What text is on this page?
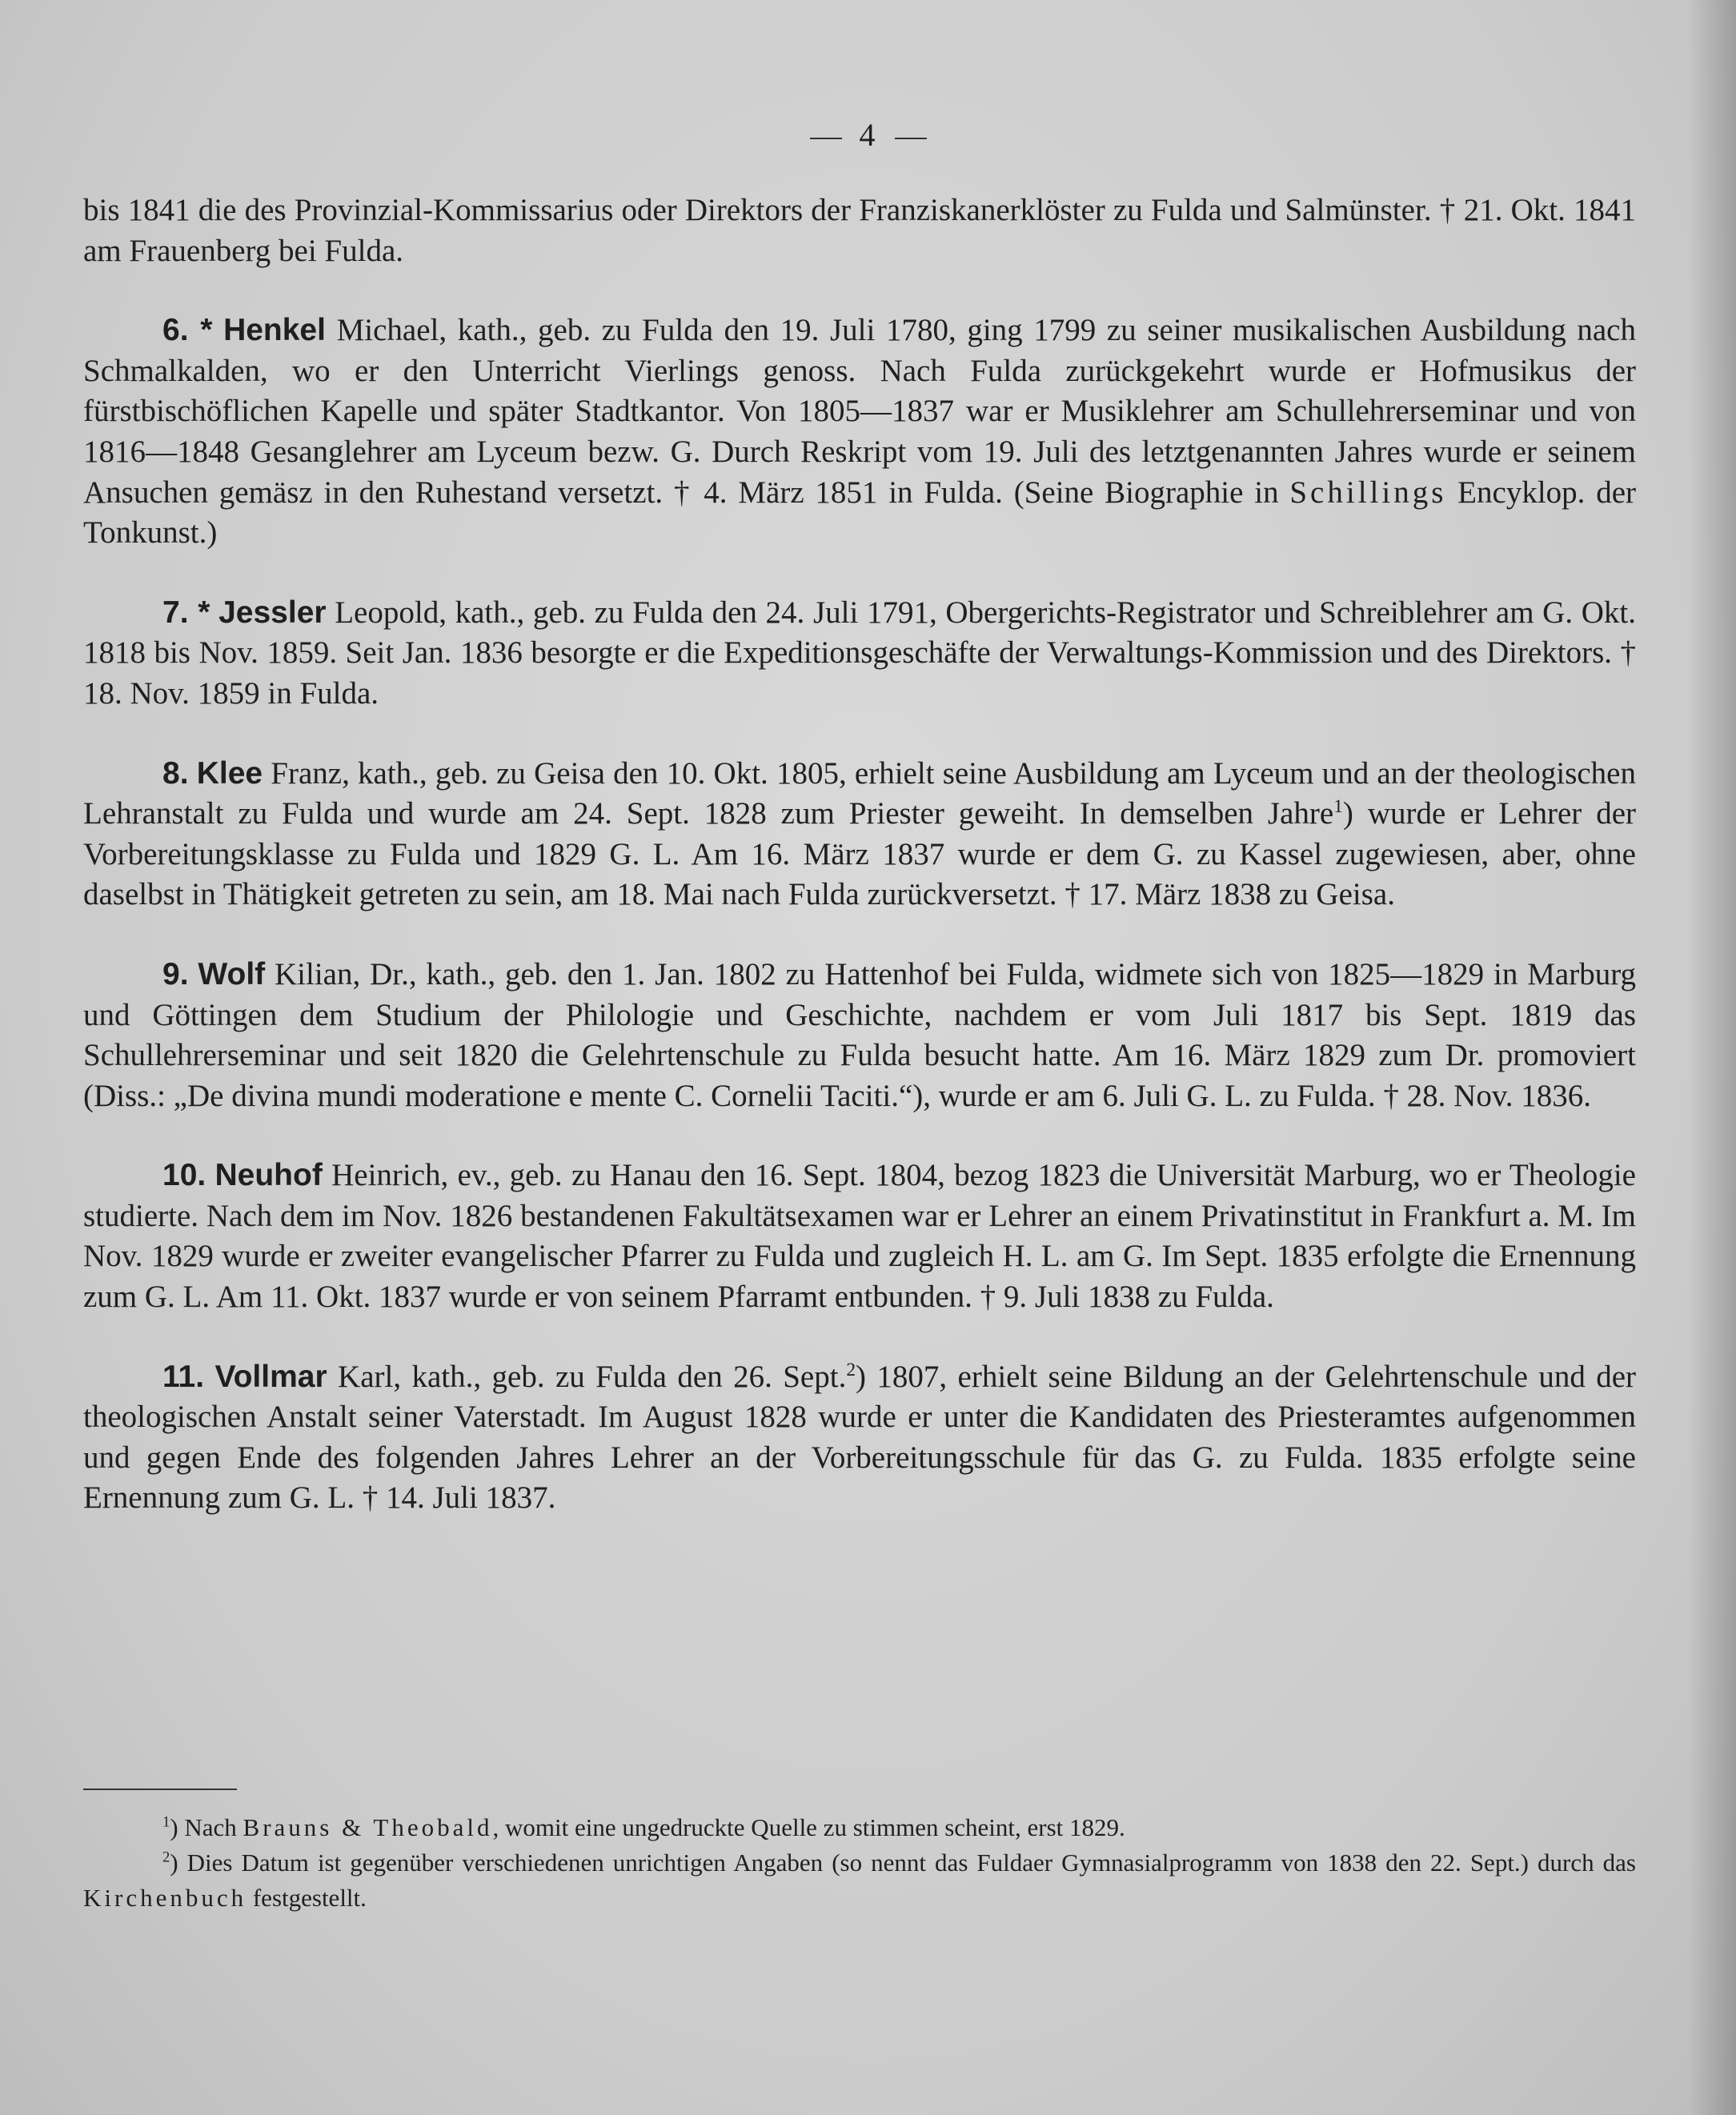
4

bis 1841 die des Provinzial-Kommissarius oder Direktors der Franziskanerklöster zu Fulda und Salmünster. † 21. Okt. 1841 am Frauenberg bei Fulda.

6. * Henkel Michael, kath., geb. zu Fulda den 19. Juli 1780, ging 1799 zu seiner musikalischen Ausbildung nach Schmalkalden, wo er den Unterricht Vierlings genoss. Nach Fulda zurückgekehrt wurde er Hofmusikus der fürstbischöflichen Kapelle und später Stadtkantor. Von 1805—1837 war er Musiklehrer am Schullehrerseminar und von 1816—1848 Gesanglehrer am Lyceum bezw. G. Durch Reskript vom 19. Juli des letztgenannten Jahres wurde er seinem Ansuchen gemäsz in den Ruhestand versetzt. † 4. März 1851 in Fulda. (Seine Biographie in Schillings Encyklop. der Tonkunst.)

7. * Jessler Leopold, kath., geb. zu Fulda den 24. Juli 1791, Obergerichts-Registrator und Schreiblehrer am G. Okt. 1818 bis Nov. 1859. Seit Jan. 1836 besorgte er die Expeditionsgeschäfte der Verwaltungs-Kommission und des Direktors. † 18. Nov. 1859 in Fulda.

8. Klee Franz, kath., geb. zu Geisa den 10. Okt. 1805, erhielt seine Ausbildung am Lyceum und an der theologischen Lehranstalt zu Fulda und wurde am 24. Sept. 1828 zum Priester geweiht. In demselben Jahre$^1$) wurde er Lehrer der Vorbereitungsklasse zu Fulda und 1829 G. L. Am 16. März 1837 wurde er dem G. zu Kassel zugewiesen, aber, ohne daselbst in Thätigkeit getreten zu sein, am 18. Mai nach Fulda zurückversetzt. † 17. März 1838 zu Geisa.

9. Wolf Kilian, Dr., kath., geb. den 1. Jan. 1802 zu Hattenhof bei Fulda, widmete sich von 1825—1829 in Marburg und Göttingen dem Studium der Philologie und Geschichte, nachdem er vom Juli 1817 bis Sept. 1819 das Schullehrerseminar und seit 1820 die Gelehrtenschule zu Fulda besucht hatte. Am 16. März 1829 zum Dr. promoviert (Diss.: „De divina mundi moderatione e mente C. Cornelii Taciti.“), wurde er am 6. Juli G. L. zu Fulda. † 28. Nov. 1836.

10. Neuhof Heinrich, ev., geb. zu Hanau den 16. Sept. 1804, bezog 1823 die Universität Marburg, wo er Theologie studierte. Nach dem im Nov. 1826 bestandenen Fakultätsexamen war er Lehrer an einem Privatinstitut in Frankfurt a. M. Im Nov. 1829 wurde er zweiter evangelischer Pfarrer zu Fulda und zugleich H. L. am G. Im Sept. 1835 erfolgte die Ernennung zum G. L. Am 11. Okt. 1837 wurde er von seinem Pfarramt entbunden. † 9. Juli 1838 zu Fulda.

11. Vollmar Karl, kath., geb. zu Fulda den 26. Sept.$^2$) 1807, erhielt seine Bildung an der Gelehrtenschule und der theologischen Anstalt seiner Vaterstadt. Im August 1828 wurde er unter die Kandidaten des Priesteramtes aufgenommen und gegen Ende des folgenden Jahres Lehrer an der Vorbereitungsschule für das G. zu Fulda. 1835 erfolgte seine Ernennung zum G. L. † 14. Juli 1837.

$^1$) Nach Brauns & Theobald, womit eine ungedruckte Quelle zu stimmen scheint, erst 1829.

$^2$) Dies Datum ist gegenüber verschiedenen unrichtigen Angaben (so nennt das Fuldaer Gymnasialprogramm von 1838 den 22. Sept.) durch das Kirchenbuch festgestellt.
